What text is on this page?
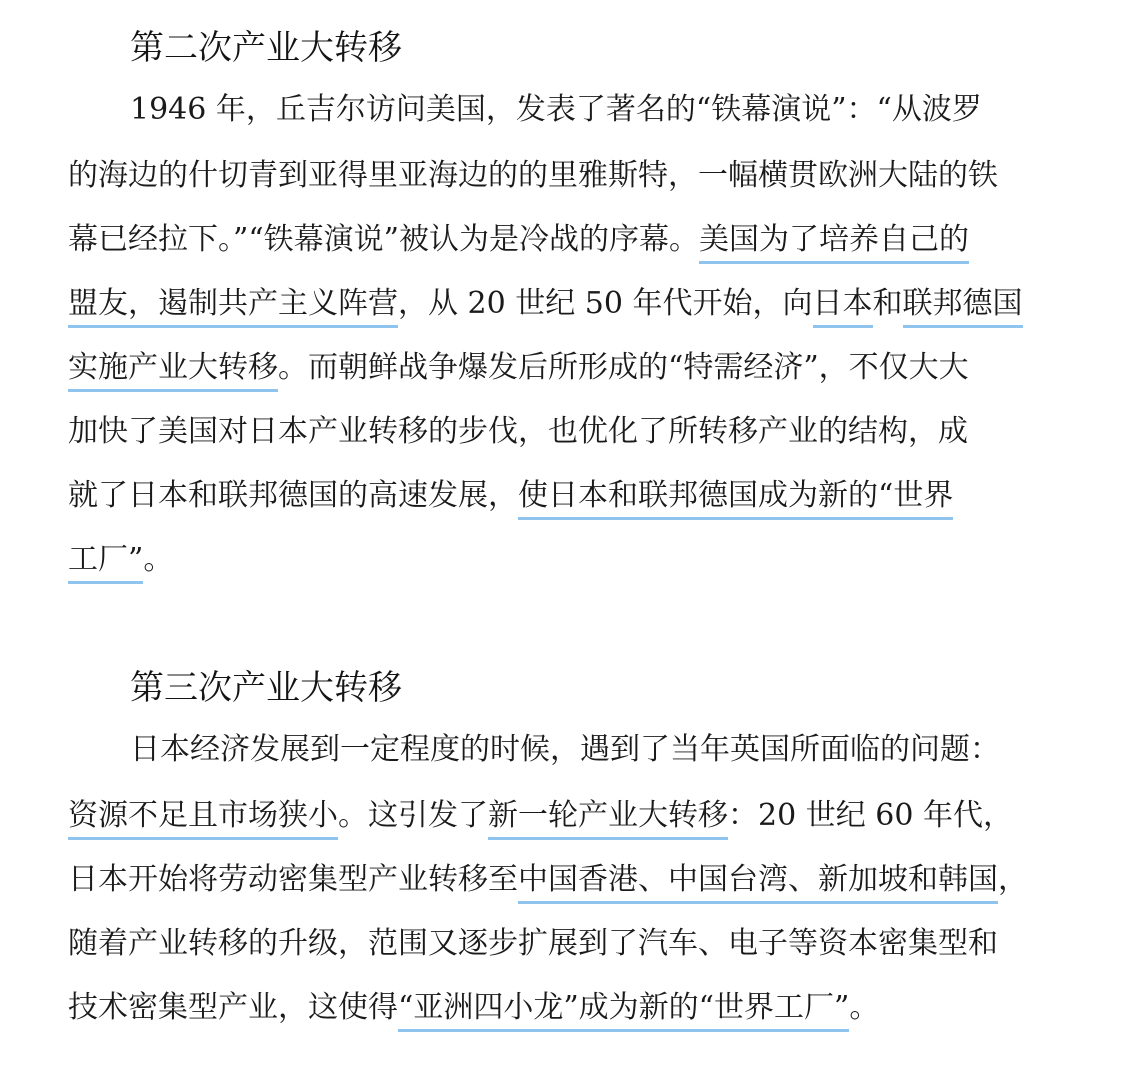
第二次产业大转移
1946 年，丘吉尔访问美国，发表了著名的“铁幕演说”：“从波罗
的海边的什切青到亚得里亚海边的的里雅斯特，一幅横贯欧洲大陆的铁
幕已经拉下。”“铁幕演说”被认为是冷战的序幕。美国为了培养自己的
盟友，遏制共产主义阵营，从 20 世纪 50 年代开始，向日本和联邦德国
实施产业大转移。而朝鲜战争爆发后所形成的“特需经济”，不仅大大
加快了美国对日本产业转移的步伐，也优化了所转移产业的结构，成
就了日本和联邦德国的高速发展，使日本和联邦德国成为新的“世界
工厂”。
第三次产业大转移
日本经济发展到一定程度的时候，遇到了当年英国所面临的问题：
资源不足且市场狭小。这引发了新一轮产业大转移：20 世纪 60 年代，
日本开始将劳动密集型产业转移至中国香港、中国台湾、新加坡和韩国，
随着产业转移的升级，范围又逐步扩展到了汽车、电子等资本密集型和
技术密集型产业，这使得“亚洲四小龙”成为新的“世界工厂”。
